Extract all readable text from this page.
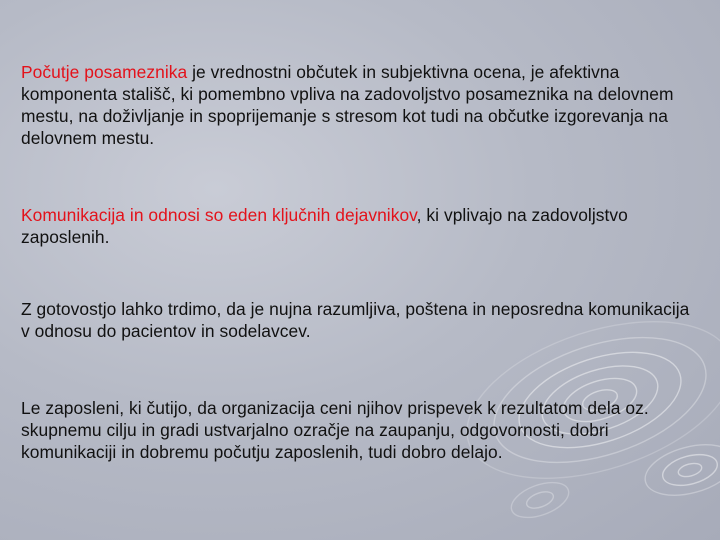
Počutje posameznika je vrednostni občutek in subjektivna ocena, je afektivna komponenta stališč, ki pomembno vpliva na zadovoljstvo posameznika na delovnem mestu, na doživljanje in spoprijemanje s stresom kot tudi na občutke izgorevanja na delovnem mestu.

Komunikacija in odnosi so eden ključnih dejavnikov, ki vplivajo na zadovoljstvo zaposlenih.

Z gotovostjo lahko trdimo, da je nujna razumljiva, poštena in neposredna komunikacija v odnosu do pacientov in sodelavcev.

Le zaposleni, ki čutijo, da organizacija ceni njihov prispevek k rezultatom dela oz. skupnemu cilju in gradi ustvarjalno ozračje na zaupanju, odgovornosti, dobri komunikaciji in dobremu počutju zaposlenih, tudi dobro delajo.
